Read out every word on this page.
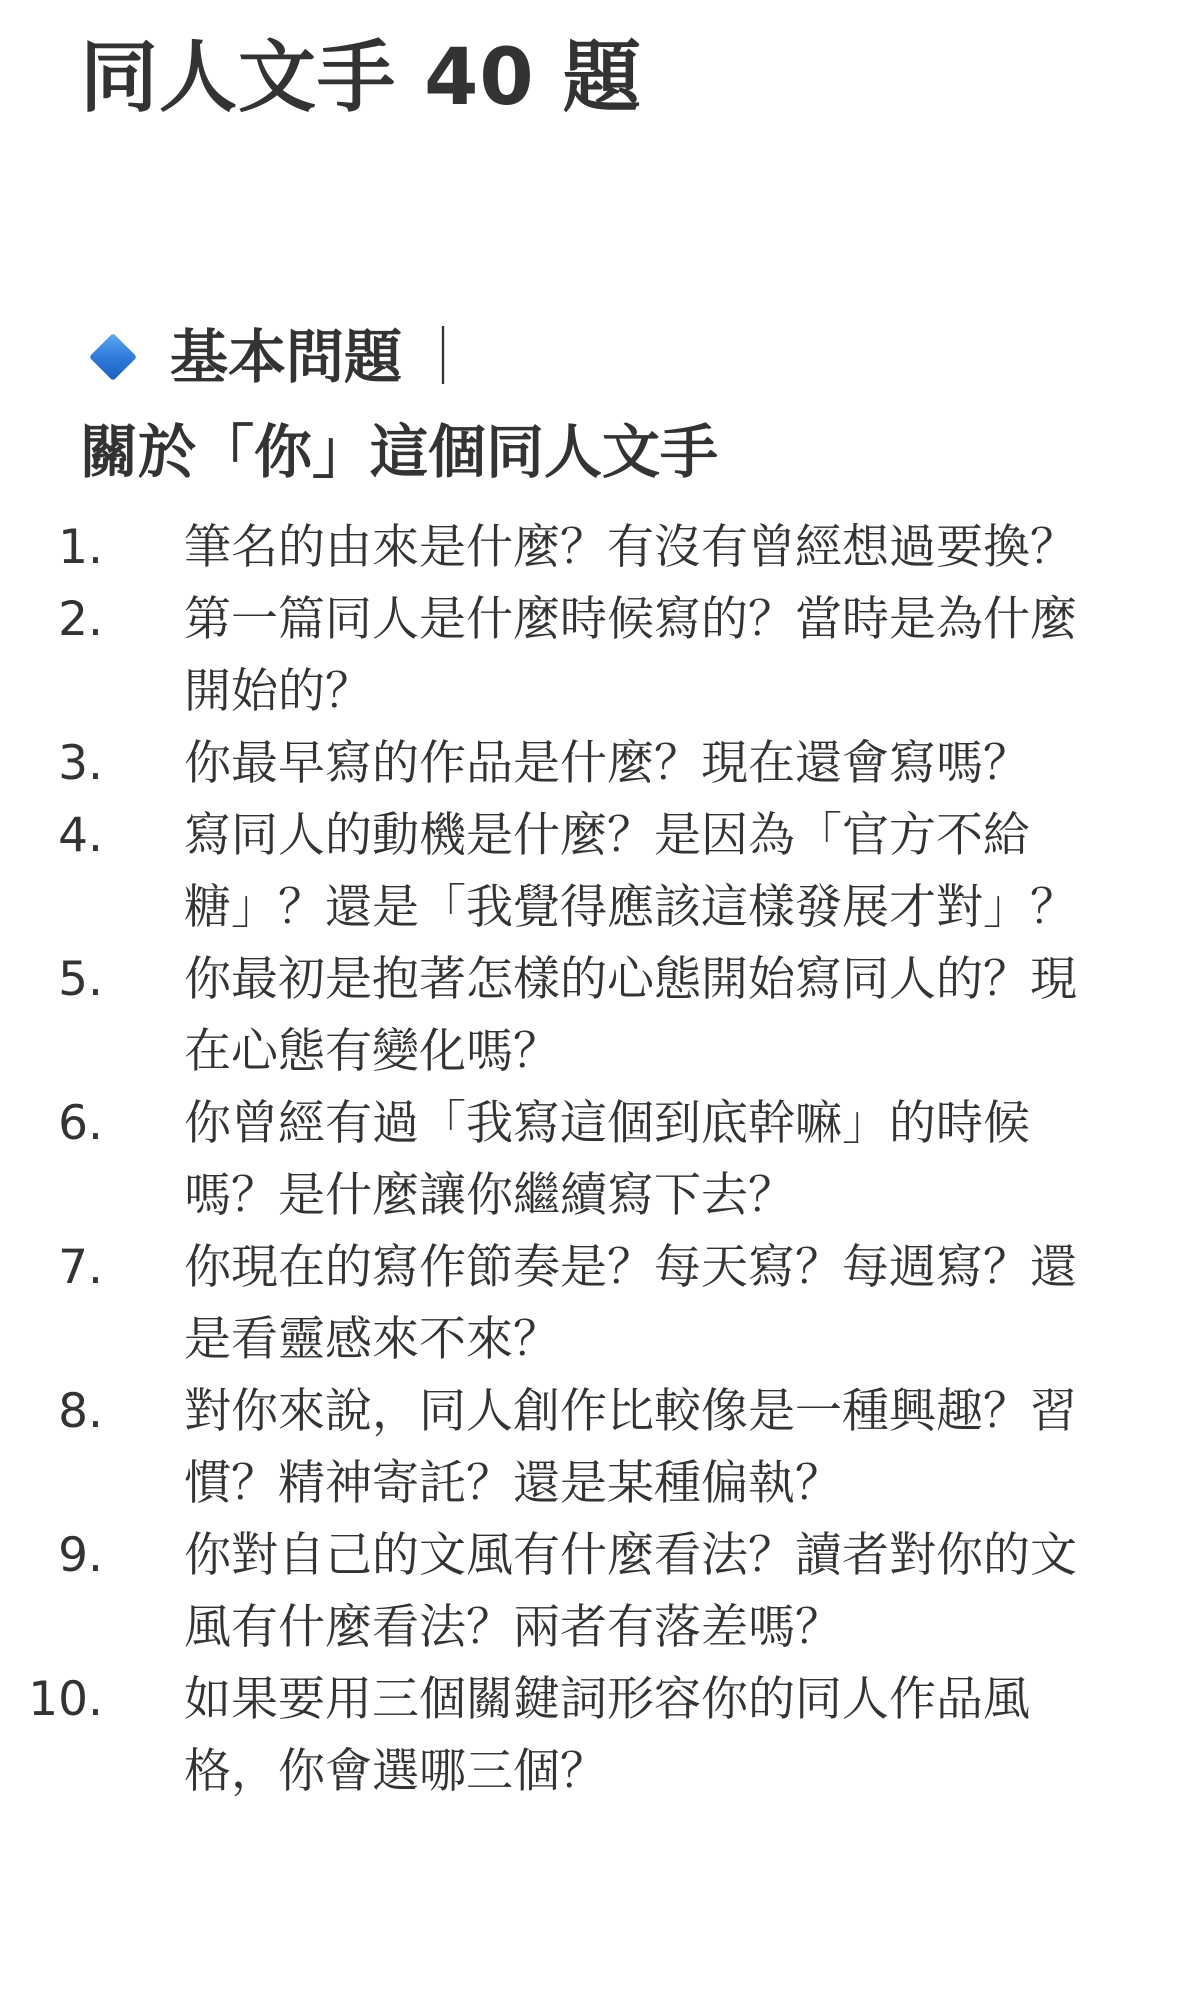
同人文手 40 題
基本問題 ｜
關於「你」這個同人文手
1. 筆名的由來是什麼？有沒有曾經想過要換？
2. 第一篇同人是什麼時候寫的？當時是為什麼開始的？
3. 你最早寫的作品是什麼？現在還會寫嗎？
4. 寫同人的動機是什麼？是因為「官方不給糖」？還是「我覺得應該這樣發展才對」？
5. 你最初是抱著怎樣的心態開始寫同人的？現在心態有變化嗎？
6. 你曾經有過「我寫這個到底幹嘛」的時候嗎？是什麼讓你繼續寫下去？
7. 你現在的寫作節奏是？每天寫？每週寫？還是看靈感來不來？
8. 對你來說，同人創作比較像是一種興趣？習慣？精神寄託？還是某種偏執？
9. 你對自己的文風有什麼看法？讀者對你的文風有什麼看法？兩者有落差嗎？
10. 如果要用三個關鍵詞形容你的同人作品風格，你會選哪三個？
